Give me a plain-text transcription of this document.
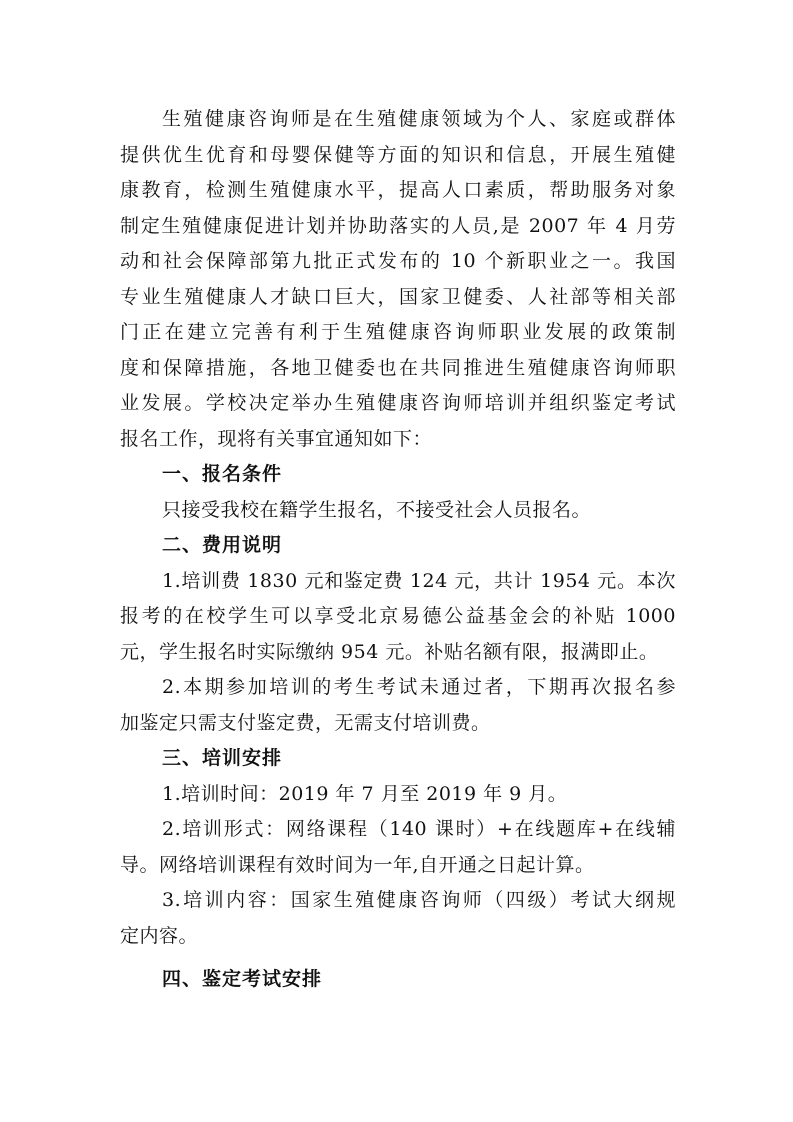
生殖健康咨询师是在生殖健康领域为个人、家庭或群体
提供优生优育和母婴保健等方面的知识和信息，开展生殖健
康教育，检测生殖健康水平，提高人口素质，帮助服务对象
制定生殖健康促进计划并协助落实的人员,是 2007 年 4 月劳
动和社会保障部第九批正式发布的 10 个新职业之一。我国
专业生殖健康人才缺口巨大，国家卫健委、人社部等相关部
门正在建立完善有利于生殖健康咨询师职业发展的政策制
度和保障措施，各地卫健委也在共同推进生殖健康咨询师职
业发展。学校决定举办生殖健康咨询师培训并组织鉴定考试
报名工作，现将有关事宜通知如下：
一、报名条件
只接受我校在籍学生报名，不接受社会人员报名。
二、费用说明
1.培训费 1830 元和鉴定费 124 元，共计 1954 元。本次
报考的在校学生可以享受北京易德公益基金会的补贴 1000
元，学生报名时实际缴纳 954 元。补贴名额有限，报满即止。
2.本期参加培训的考生考试未通过者，下期再次报名参
加鉴定只需支付鉴定费，无需支付培训费。
三、培训安排
1.培训时间：2019 年 7 月至 2019 年 9 月。
2.培训形式：网络课程（140 课时）+在线题库+在线辅
导。网络培训课程有效时间为一年,自开通之日起计算。
3.培训内容：国家生殖健康咨询师（四级）考试大纲规
定内容。
四、鉴定考试安排
